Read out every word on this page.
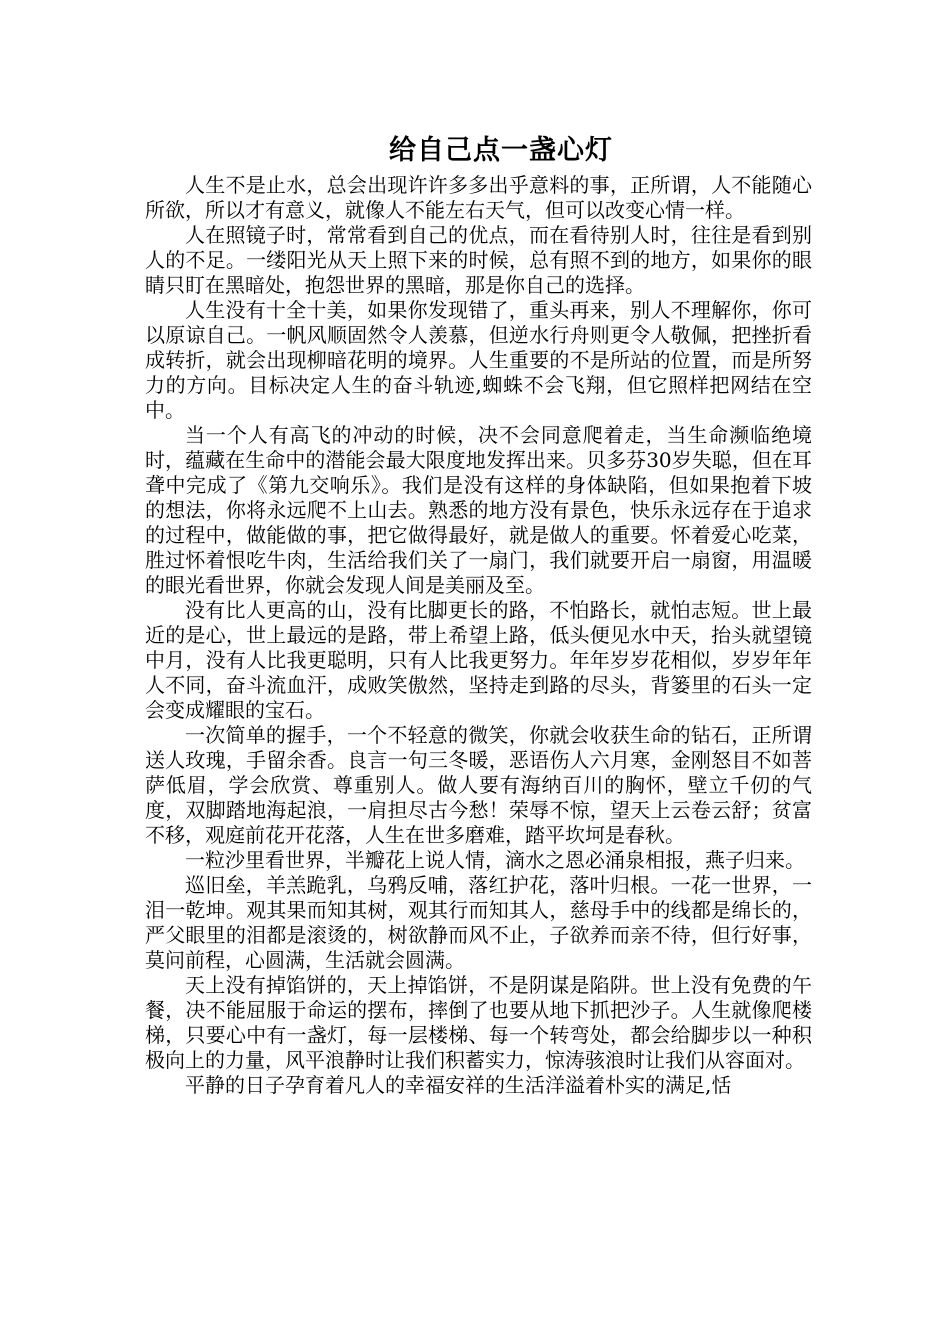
给自己点一盏心灯

人生不是止水，总会出现许许多多出乎意料的事，正所谓，人不能随心所欲，所以才有意义，就像人不能左右天气，但可以改变心情一样。

人在照镜子时，常常看到自己的优点，而在看待别人时，往往是看到别人的不足。一缕阳光从天上照下来的时候，总有照不到的地方，如果你的眼睛只盯在黑暗处，抱怨世界的黑暗，那是你自己的选择。

人生没有十全十美，如果你发现错了，重头再来，别人不理解你，你可以原谅自己。一帆风顺固然令人羡慕，但逆水行舟则更令人敬佩，把挫折看成转折，就会出现柳暗花明的境界。人生重要的不是所站的位置，而是所努力的方向。目标决定人生的奋斗轨迹,蜘蛛不会飞翔，但它照样把网结在空中。

当一个人有高飞的冲动的时候，决不会同意爬着走，当生命濒临绝境时，蕴藏在生命中的潜能会最大限度地发挥出来。贝多芬30岁失聪，但在耳聋中完成了《第九交响乐》。我们是没有这样的身体缺陷，但如果抱着下坡的想法，你将永远爬不上山去。熟悉的地方没有景色，快乐永远存在于追求的过程中，做能做的事，把它做得最好，就是做人的重要。怀着爱心吃菜，胜过怀着恨吃牛肉，生活给我们关了一扇门，我们就要开启一扇窗，用温暖的眼光看世界，你就会发现人间是美丽及至。

没有比人更高的山，没有比脚更长的路，不怕路长，就怕志短。世上最近的是心，世上最远的是路，带上希望上路，低头便见水中天，抬头就望镜中月，没有人比我更聪明，只有人比我更努力。年年岁岁花相似，岁岁年年人不同，奋斗流血汗，成败笑傲然，坚持走到路的尽头，背篓里的石头一定会变成耀眼的宝石。

一次简单的握手，一个不轻意的微笑，你就会收获生命的钻石，正所谓送人玫瑰，手留余香。良言一句三冬暖，恶语伤人六月寒，金刚怒目不如菩萨低眉，学会欣赏、尊重别人。做人要有海纳百川的胸怀，壁立千仞的气度，双脚踏地海起浪，一肩担尽古今愁！荣辱不惊，望天上云卷云舒；贫富不移，观庭前花开花落，人生在世多磨难，踏平坎坷是春秋。

一粒沙里看世界，半瓣花上说人情，滴水之恩必涌泉相报，燕子归来。

巡旧垒，羊羔跪乳，乌鸦反哺，落红护花，落叶归根。一花一世界，一泪一乾坤。观其果而知其树，观其行而知其人，慈母手中的线都是绵长的，严父眼里的泪都是滚烫的，树欲静而风不止，子欲养而亲不待，但行好事，莫问前程，心圆满，生活就会圆满。

天上没有掉馅饼的，天上掉馅饼，不是阴谋是陷阱。世上没有免费的午餐，决不能屈服于命运的摆布，摔倒了也要从地下抓把沙子。人生就像爬楼梯，只要心中有一盏灯，每一层楼梯、每一个转弯处，都会给脚步以一种积极向上的力量，风平浪静时让我们积蓄实力，惊涛骇浪时让我们从容面对。

平静的日子孕育着凡人的幸福安祥的生活洋溢着朴实的满足,恬
